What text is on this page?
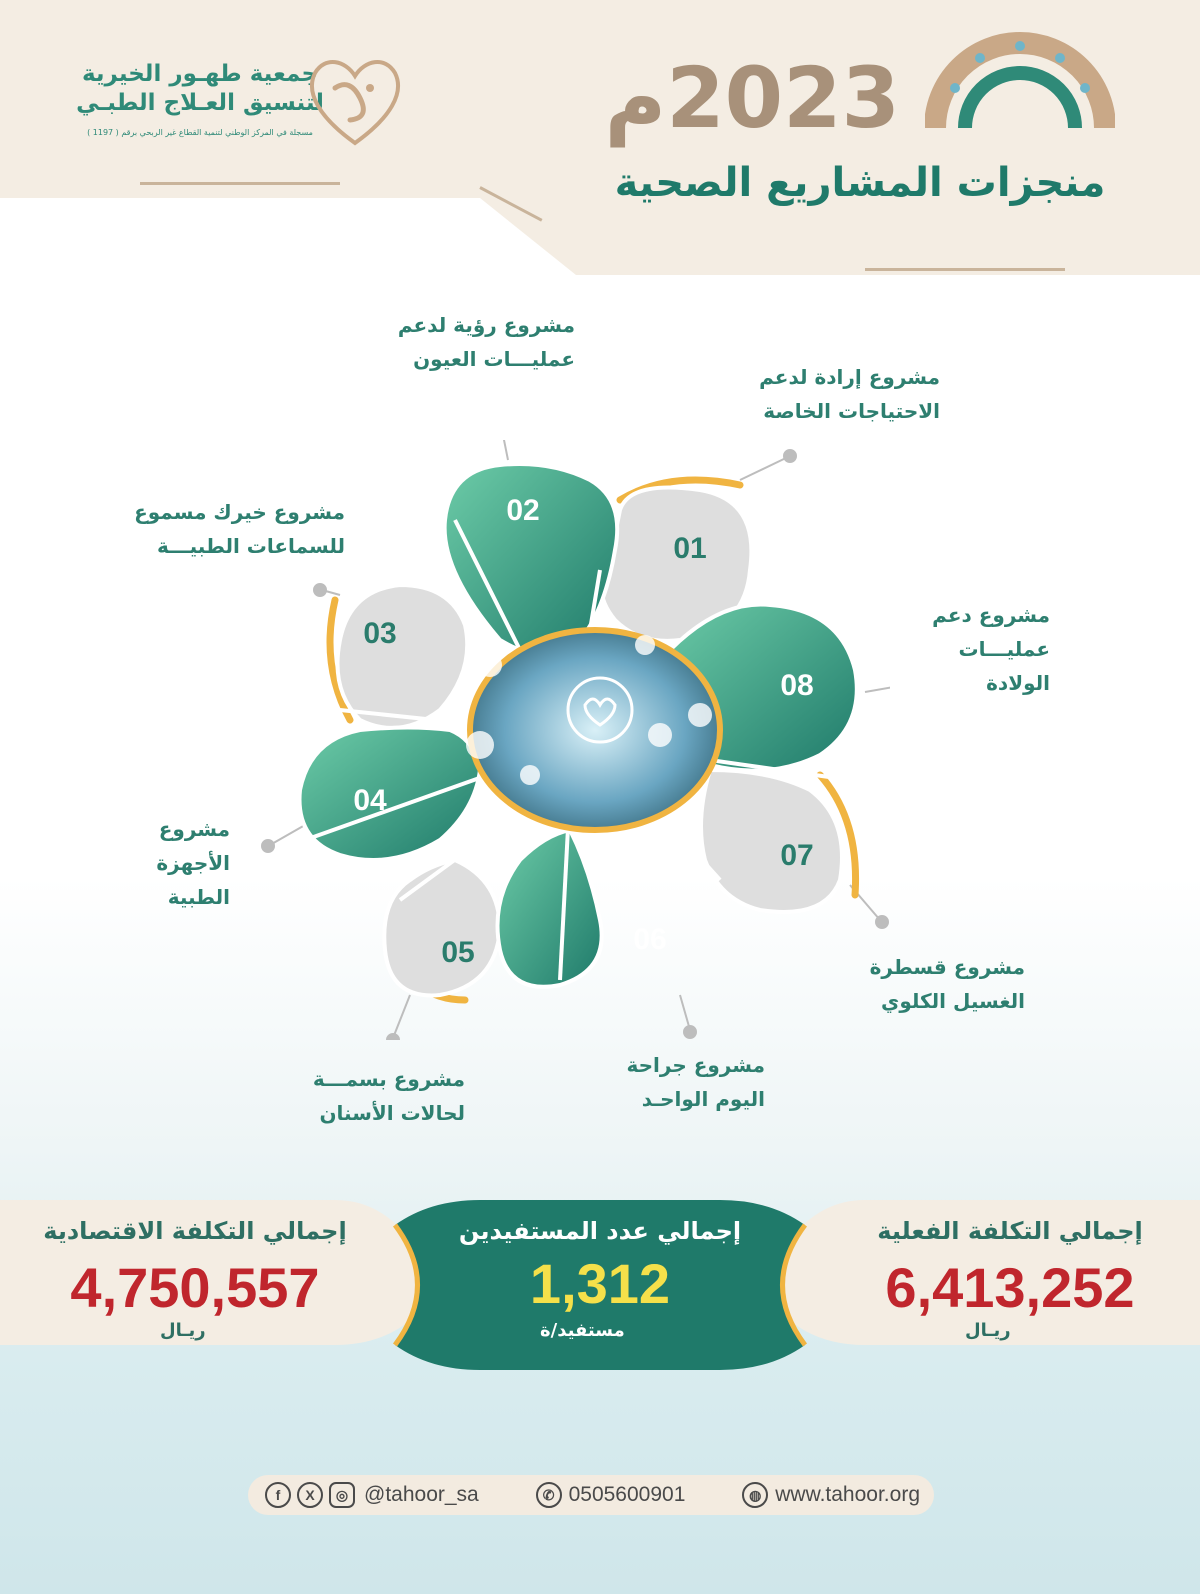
جمعية طهـور الخيرية
لتنسيق العـلاج الطبـي
مسجلة في المركز الوطني لتنمية القطاع غير الربحي برقم ( 1197 )	2023م
منجزات المشاريع الصحية
01
03
05
07
02
04
06
08
مشروع إرادة لدعم
الاحتياجات الخاصة
مشروع رؤية لدعم
عمليـــات العيون
مشروع خيرك مسموع
للسماعات الطبيـــة
مشروع
الأجهزة
الطبية
مشروع بسمـــة
لحالات الأسنان
مشروع جراحة
اليوم الواحـد
مشروع قسطرة
الغسيل الكلوي
مشروع دعم
عمليـــات
الولادة
إجمالي التكلفة الاقتصادية
4,750,557
ريـال
إجمالي عدد المستفيدين
1,312
مستفيد/ة
إجمالي التكلفة الفعلية
6,413,252
ريـال
f	X	◎ @tahoor_sa	✆ 0505600901	◍ www.tahoor.org
